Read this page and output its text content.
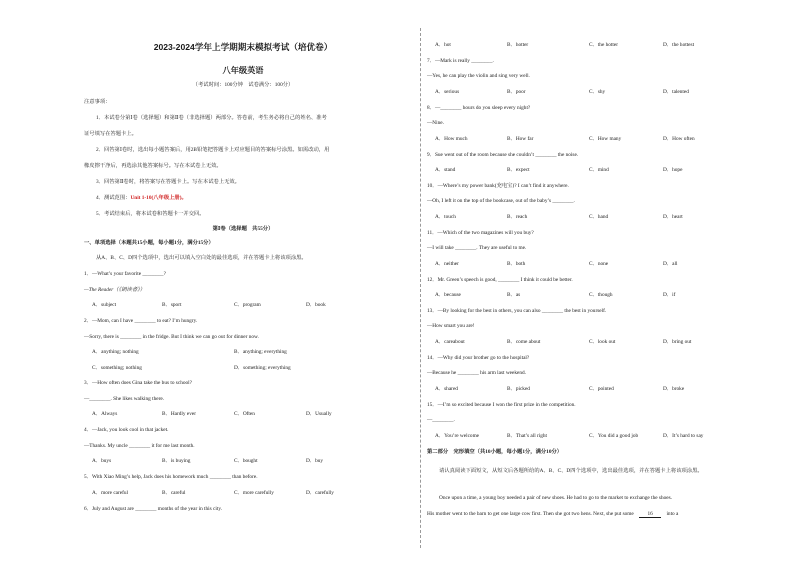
2023-2024学年上学期期末模拟考试（培优卷）
八年级英语
（考试时间：100分钟　试卷满分：100分）
注意事项：
1．本试卷分第Ⅰ卷（选择题）和第Ⅱ卷（非选择题）两部分。答卷前，考生务必将自己的姓名、准考
证号填写在答题卡上。
2．回答第Ⅰ卷时，选出每小题答案后，用2B铅笔把答题卡上对应题目的答案标号涂黑。如需改动，用
橡皮擦干净后，再选涂其他答案标号。写在本试卷上无效。
3．回答第Ⅱ卷时，将答案写在答题卡上。写在本试卷上无效。
4．测试范围：Unit 1-10(八年级上册)。
5．考试结束后，将本试卷和答题卡一并交回。
第Ⅰ卷（选择题　共55分）
一、单项选择（本题共15小题，每小题1分，满分15分）
从A、B、C、D四个选项中，选出可以填入空白处的最佳选项，并在答题卡上将该项涂黑。
1．—What’s your favorite ________?
—The Reader（《朗读者》）
A．subject	B．sport	C．program	D．book
2．—Mom, can I have ________ to eat? I’m hungry.
—Sorry, there is ________ in the fridge. But I think we can go out for dinner now.
A．anything; nothing	B．anything; everything
C．something; nothing	D．something; everything
3．—How often does Gina take the bus to school?
—________. She likes walking there.
A．Always	B．Hardly ever	C．Often	D．Usually
4．—Jack, you look cool in that jacket.
—Thanks. My uncle ________ it for me last month.
A．buys	B．is buying	C．bought	D．buy
5．With Xiao Ming’s help, Jack does his homework much ________ than before.
A．more careful	B．careful	C．more carefully	D．carefully
6．July and August are ________ months of the year in this city.
A．hot	B．hotter	C．the hotter	D．the hottest
7．—Mark is really ________.
—Yes, he can play the violin and sing very well.
A．serious	B．poor	C．shy	D．talented
8．—________ hours do you sleep every night?
—Nine.
A．How much	B．How far	C．How many	D．How often
9．Sue went out of the room because she couldn’t ________ the noise.
A．stand	B．expect	C．mind	D．hope
10．—Where’s my power bank(充电宝)? I can’t find it anywhere.
—Oh, I left it on the top of the bookcase, out of the baby’s ________.
A．touch	B．reach	C．hand	D．heart
11．—Which of the two magazines will you buy?
—I will take ________. They are useful to me.
A．neither	B．both	C．none	D．all
12．Mr. Green’s speech is good, ________ I think it could be better.
A．because	B．as	C．though	D．if
13．—By looking for the best in others, you can also ________ the best in yourself.
—How smart you are!
A．careabout	B．come about	C．look out	D．bring out
14．—Why did your brother go to the hospital?
—Because he ________ his arm last weekend.
A．shared	B．picked	C．pointed	D．broke
15．—I’m so excited because I won the first prize in the competition.
—________.
A．You’re welcome	B．That’s all right	C．You did a good job	D．It’s hard to say
第二部分　完形填空（共10小题，每小题1分，满分10分）
请认真阅读下面短文，从短文后各题所给的A、B、C、D四个选项中，选出最佳选项，并在答题卡上将该项涂黑。
Once upon a time, a young boy needed a pair of new shoes. He had to go to the market to exchange the shoes.
His mother went to the barn to get one large cow first. Then she got two hens. Next, she put some	16	into a
